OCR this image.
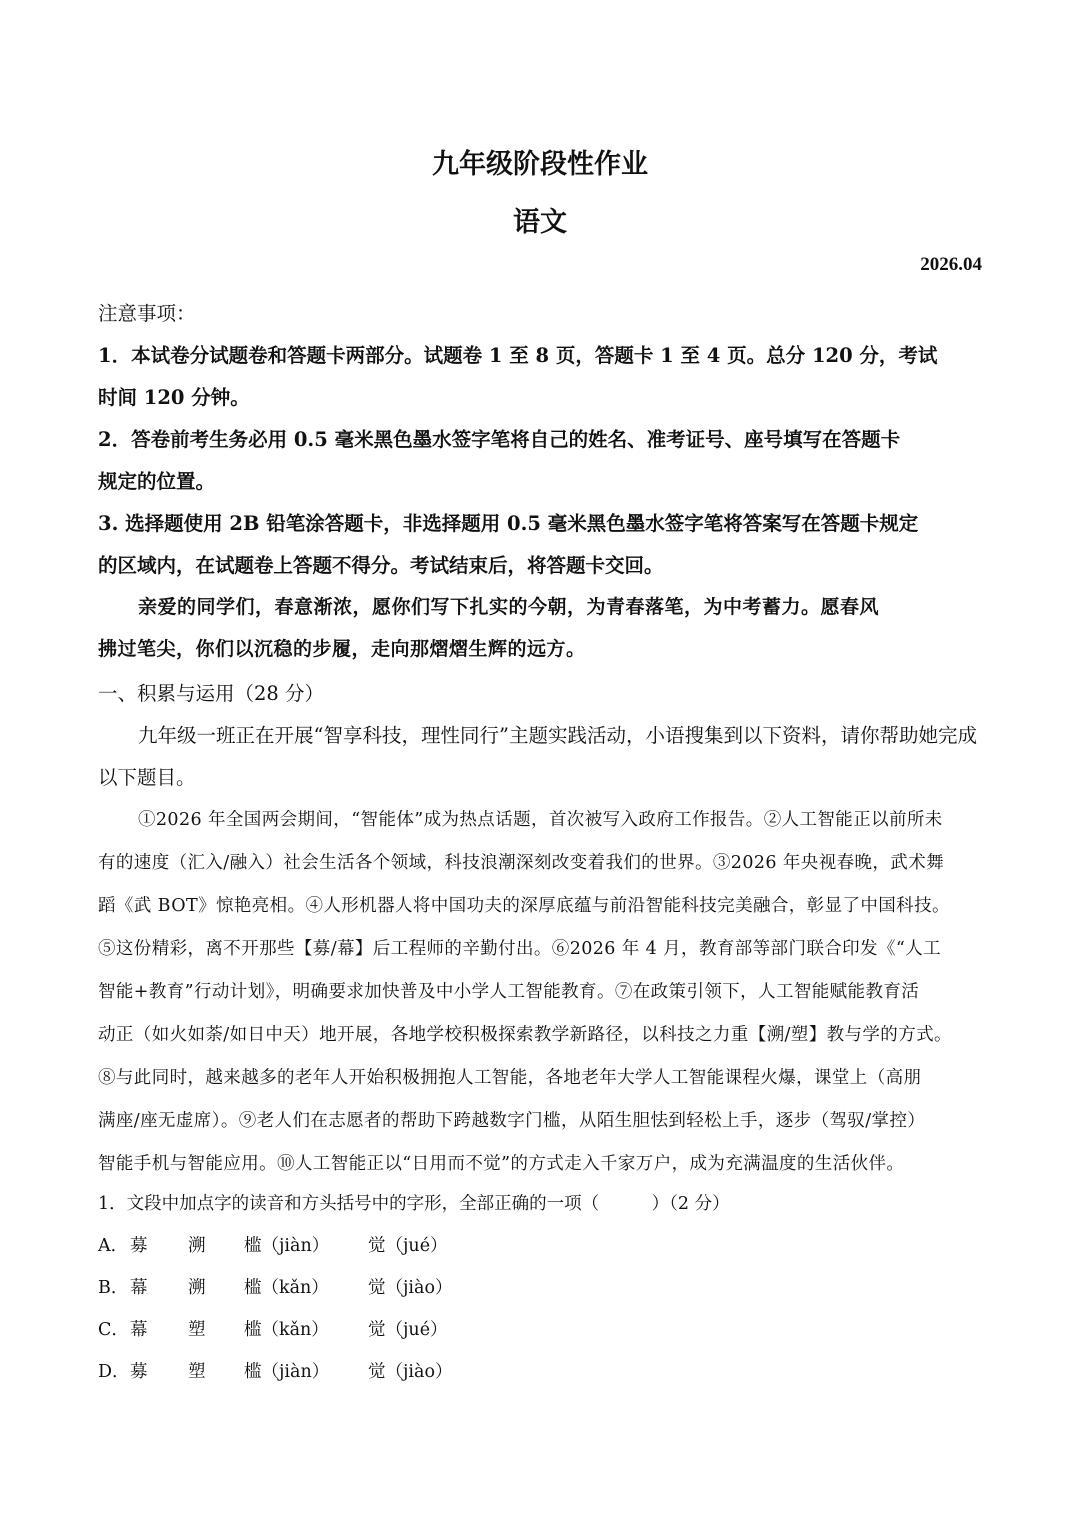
九年级阶段性作业
语文
2026.04
注意事项：
1．本试卷分试题卷和答题卡两部分。试题卷 1 至 8 页，答题卡 1 至 4 页。总分 120 分，考试
时间 120 分钟。
2．答卷前考生务必用 0.5 毫米黑色墨水签字笔将自己的姓名、准考证号、座号填写在答题卡
规定的位置。
3. 选择题使用 2B 铅笔涂答题卡，非选择题用 0.5 毫米黑色墨水签字笔将答案写在答题卡规定
的区域内，在试题卷上答题不得分。考试结束后，将答题卡交回。
亲爱的同学们，春意渐浓，愿你们写下扎实的今朝，为青春落笔，为中考蓄力。愿春风
拂过笔尖，你们以沉稳的步履，走向那熠熠生辉的远方。
一、积累与运用（28 分）
九年级一班正在开展“智享科技，理性同行”主题实践活动，小语搜集到以下资料，请你帮助她完成
以下题目。
①2026 年全国两会期间，“智能体”成为热点话题，首次被写入政府工作报告。②人工智能正以前所未
有的速度（汇入/融入）社会生活各个领域，科技浪潮深刻改变着我们的世界。③2026 年央视春晚，武术舞
蹈《武 BOT》惊艳亮相。④人形机器人将中国功夫的深厚底蕴与前沿智能科技完美融合，彰显了中国科技。
⑤这份精彩，离不开那些【募/幕】后工程师的辛勤付出。⑥2026 年 4 月，教育部等部门联合印发《“人工
智能+教育”行动计划》，明确要求加快普及中小学人工智能教育。⑦在政策引领下，人工智能赋能教育活
动正（如火如荼/如日中天）地开展，各地学校积极探索教学新路径，以科技之力重【溯/塑】教与学的方式。
⑧与此同时，越来越多的老年人开始积极拥抱人工智能，各地老年大学人工智能课程火爆，课堂上（高朋
满座/座无虚席）。⑨老人们在志愿者的帮助下跨越数字门槛，从陌生胆怯到轻松上手，逐步（驾驭/掌控）
智能手机与智能应用。⑩人工智能正以“日用而不觉”的方式走入千家万户，成为充满温度的生活伙伴。
1．文段中加点字的读音和方头括号中的字形，全部正确的一项（　　　）（2 分）
A． 募 溯 槛（jiàn） 觉（jué）
B． 幕 溯 槛（kǎn） 觉（jiào）
C． 幕 塑 槛（kǎn） 觉（jué）
D． 募 塑 槛（jiàn） 觉（jiào）
